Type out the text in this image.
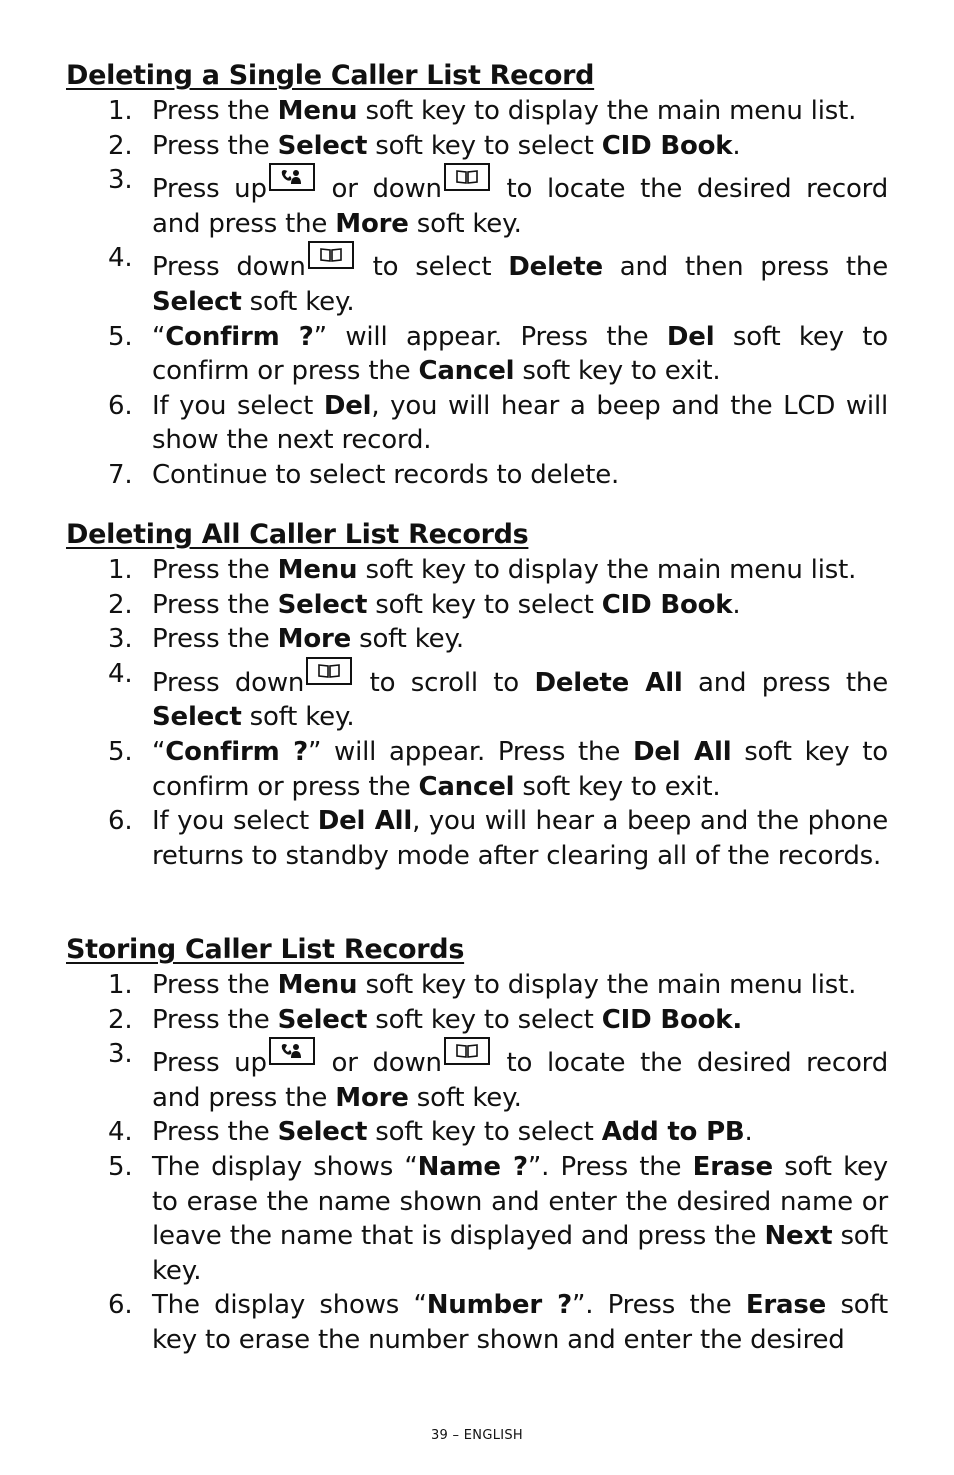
Deleting a Single Caller List Record
1. Press the Menu soft key to display the main menu list.
2. Press the Select soft key to select CID Book.
3. Press up
or down
to locate the desired record and press the More soft key.
4. Press down
to select Delete and then press the Select soft key.
5. “Confirm ?” will appear. Press the Del soft key to confirm or press the Cancel soft key to exit.
6. If you select Del, you will hear a beep and the LCD will show the next record.
7. Continue to select records to delete.
Deleting All Caller List Records
1. Press the Menu soft key to display the main menu list.
2. Press the Select soft key to select CID Book.
3. Press the More soft key.
4. Press down
to scroll to Delete All and press the Select soft key.
5. “Confirm ?” will appear. Press the Del All soft key to confirm or press the Cancel soft key to exit.
6. If you select Del All, you will hear a beep and the phone returns to standby mode after clearing all of the records.
Storing Caller List Records
1. Press the Menu soft key to display the main menu list.
2. Press the Select soft key to select CID Book.
3. Press up
or down
to locate the desired record and press the More soft key.
4. Press the Select soft key to select Add to PB.
5. The display shows “Name ?”. Press the Erase soft key to erase the name shown and enter the desired name or leave the name that is displayed and press the Next soft key.
6. The display shows “Number ?”. Press the Erase soft key to erase the number shown and enter the desired
39 – ENGLISH
